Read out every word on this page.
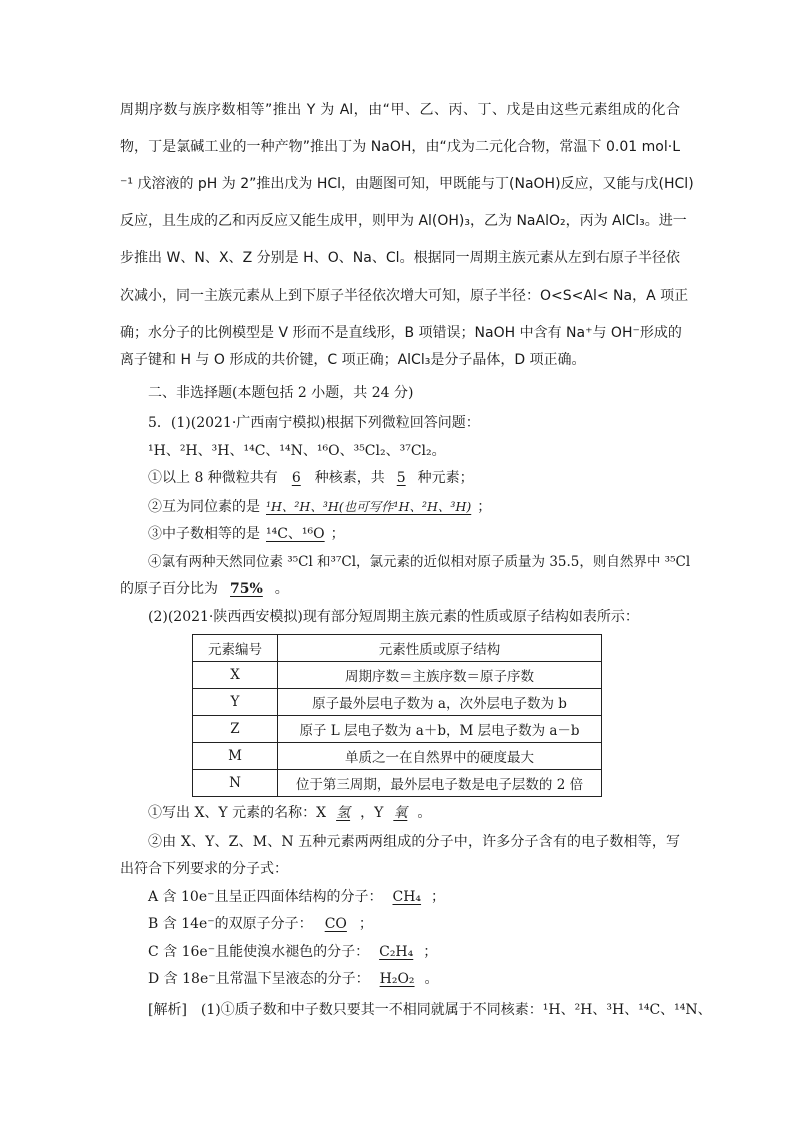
周期序数与族序数相等”推出 Y 为 Al，由“甲、乙、丙、丁、戊是由这些元素组成的化合
物，丁是氯碱工业的一种产物”推出丁为 NaOH，由“戊为二元化合物，常温下 0.01 mol·L
⁻¹ 戊溶液的 pH 为 2”推出戊为 HCl，由题图可知，甲既能与丁(NaOH)反应，又能与戊(HCl)
反应，且生成的乙和丙反应又能生成甲，则甲为 Al(OH)₃，乙为 NaAlO₂，丙为 AlCl₃。进一
步推出 W、N、X、Z 分别是 H、O、Na、Cl。根据同一周期主族元素从左到右原子半径依
次减小，同一主族元素从上到下原子半径依次增大可知，原子半径：O<S<Al< Na，A 项正
确；水分子的比例模型是 V 形而不是直线形，B 项错误；NaOH 中含有 Na⁺与 OH⁻形成的
离子键和 H 与 O 形成的共价键，C 项正确；AlCl₃是分子晶体，D 项正确。
二、非选择题(本题包括 2 小题，共 24 分)
5．(1)(2021·广西南宁模拟)根据下列微粒回答问题：
¹H、²H、³H、¹⁴C、¹⁴N、¹⁶O、³⁵Cl₂、³⁷Cl₂。
①以上 8 种微粒共有 6 种核素，共 5 种元素；
②互为同位素的是 ¹H、²H、³H(也可写作¹H、²H、³H) ；
③中子数相等的是 ¹⁴C、¹⁶O ；
④氯有两种天然同位素 ³⁵Cl 和³⁷Cl，氯元素的近似相对原子质量为 35.5，则自然界中 ³⁵Cl
的原子百分比为 75% 。
(2)(2021·陕西西安模拟)现有部分短周期主族元素的性质或原子结构如表所示：
元素编号	元素性质或原子结构
X	周期序数＝主族序数＝原子序数
Y	原子最外层电子数为 a，次外层电子数为 b
Z	原子 L 层电子数为 a＋b，M 层电子数为 a－b
M	单质之一在自然界中的硬度最大
N	位于第三周期，最外层电子数是电子层数的 2 倍
①写出 X、Y 元素的名称：X 氢 ，Y 氧 。
②由 X、Y、Z、M、N 五种元素两两组成的分子中，许多分子含有的电子数相等，写
出符合下列要求的分子式：
A 含 10e⁻且呈正四面体结构的分子： CH₄ ；
B 含 14e⁻的双原子分子： CO ；
C 含 16e⁻且能使溴水褪色的分子： C₂H₄ ；
D 含 18e⁻且常温下呈液态的分子： H₂O₂ 。
[解析]　(1)①质子数和中子数只要其一不相同就属于不同核素：¹H、²H、³H、¹⁴C、¹⁴N、
